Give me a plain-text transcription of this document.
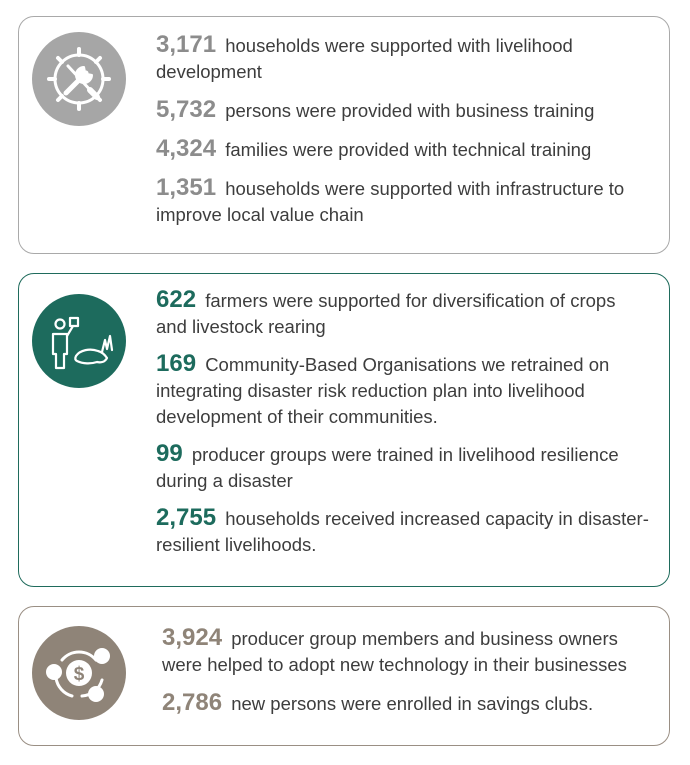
3,171 households were supported with livelihood development

5,732 persons were provided with business training

4,324 families were provided with technical training

1,351 households were supported with infrastructure to improve local value chain

622 farmers were supported for diversification of crops and livestock rearing

169 Community-Based Organisations we retrained on integrating disaster risk reduction plan into livelihood development of their communities.

99 producer groups were trained in livelihood resilience during a disaster

2,755 households received increased capacity in disaster-resilient livelihoods.

$

3,924 producer group members and business owners were helped to adopt new technology in their businesses

2,786 new persons were enrolled in savings clubs.
